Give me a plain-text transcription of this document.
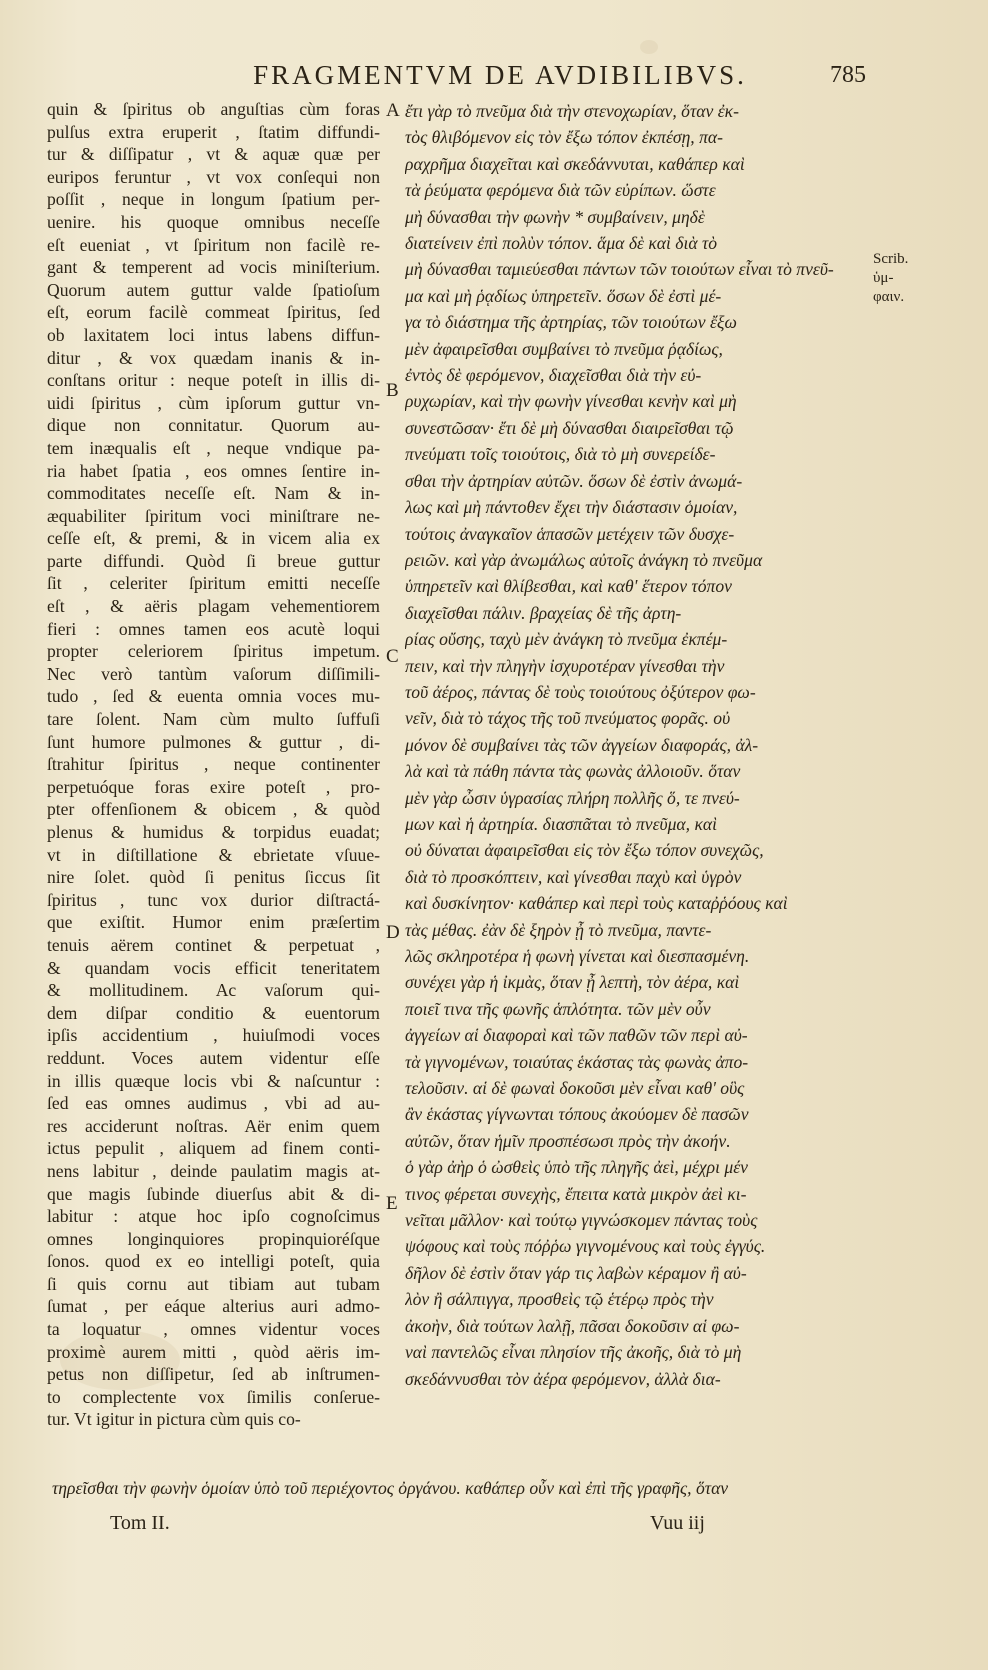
FRAGMENTVM DE AVDIBILIBVS.	785
quin & ſpiritus ob anguſtias cùm foras
pulſus extra eruperit , ſtatim diffundi-
tur & diſſipatur , vt & aquæ quæ per
euripos feruntur , vt vox conſequi non
poſſit , neque in longum ſpatium per-
uenire. his quoque omnibus neceſſe
eſt eueniat , vt ſpiritum non facilè re-
gant & temperent ad vocis miniſterium.
Quorum autem guttur valde ſpatioſum
eſt, eorum facilè commeat ſpiritus, ſed
ob laxitatem loci intus labens diffun-
ditur , & vox quædam inanis & in-
conſtans oritur : neque poteſt in illis di-
uidi ſpiritus , cùm ipſorum guttur vn-
dique non connitatur. Quorum au-
tem inæqualis eſt , neque vndique pa-
ria habet ſpatia , eos omnes ſentire in-
commoditates neceſſe eſt. Nam & in-
æquabiliter ſpiritum voci miniſtrare ne-
ceſſe eſt, & premi, & in vicem alia ex
parte diffundi. Quòd ſi breue guttur
ſit , celeriter ſpiritum emitti neceſſe
eſt , & aëris plagam vehementiorem
fieri : omnes tamen eos acutè loqui
propter celeriorem ſpiritus impetum.
Nec verò tantùm vaſorum diſſimili-
tudo , ſed & euenta omnia voces mu-
tare ſolent. Nam cùm multo ſuffuſi
ſunt humore pulmones & guttur , di-
ſtrahitur ſpiritus , neque continenter
perpetuóque foras exire poteſt , pro-
pter offenſionem & obicem , & quòd
plenus & humidus & torpidus euadat;
vt in diſtillatione & ebrietate vſuue-
nire ſolet. quòd ſi penitus ſiccus ſit
ſpiritus , tunc vox durior diſtractá-
que exiſtit. Humor enim præſertim
tenuis aërem continet & perpetuat ,
& quandam vocis efficit teneritatem
& mollitudinem. Ac vaſorum qui-
dem diſpar conditio & euentorum
ipſis accidentium , huiuſmodi voces
reddunt. Voces autem videntur eſſe
in illis quæque locis vbi & naſcuntur :
ſed eas omnes audimus , vbi ad au-
res acciderunt noſtras. Aër enim quem
ictus pepulit , aliquem ad finem conti-
nens labitur , deinde paulatim magis at-
que magis ſubinde diuerſus abit & di-
labitur : atque hoc ipſo cognoſcimus
omnes longinquiores propinquioréſque
ſonos. quod ex eo intelligi poteſt, quia
ſi quis cornu aut tibiam aut tubam
ſumat , per eáque alterius auri admo-
ta loquatur , omnes videntur voces
proximè aurem mitti , quòd aëris im-
petus non diſſipetur, ſed ab inſtrumen-
to complectente vox ſimilis conſerue-
tur. Vt igitur in pictura cùm quis co-
A
B
C
D
E
ἔτι γὰρ τὸ πνεῦμα διὰ τὴν στενοχωρίαν, ὅταν ἐκ-
τὸς θλιβόμενον εἰς τὸν ἔξω τόπον ἐκπέσῃ, πα-
ραχρῆμα διαχεῖται καὶ σκεδάννυται, καθάπερ καὶ
τὰ ῥεύματα φερόμενα διὰ τῶν εὐρίπων. ὥστε
μὴ δύνασθαι τὴν φωνὴν * συμβαίνειν, μηδὲ
διατείνειν ἐπὶ πολὺν τόπον. ἅμα δὲ καὶ διὰ τὸ
μὴ δύνασθαι ταμιεύεσθαι πάντων τῶν τοιούτων εἶναι τὸ πνεῦ-
μα καὶ μὴ ῥᾳδίως ὑπηρετεῖν. ὅσων δὲ ἐστὶ μέ-
γα τὸ διάστημα τῆς ἀρτηρίας, τῶν τοιούτων ἔξω
μὲν ἀφαιρεῖσθαι συμβαίνει τὸ πνεῦμα ῥᾳδίως,
ἐντὸς δὲ φερόμενον, διαχεῖσθαι διὰ τὴν εὐ-
ρυχωρίαν, καὶ τὴν φωνὴν γίνεσθαι κενὴν καὶ μὴ
συνεστῶσαν· ἔτι δὲ μὴ δύνασθαι διαιρεῖσθαι τῷ
πνεύματι τοῖς τοιούτοις, διὰ τὸ μὴ συνερείδε-
σθαι τὴν ἀρτηρίαν αὐτῶν. ὅσων δὲ ἐστὶν ἀνωμά-
λως καὶ μὴ πάντοθεν ἔχει τὴν διάστασιν ὁμοίαν,
τούτοις ἀναγκαῖον ἁπασῶν μετέχειν τῶν δυσχε-
ρειῶν. καὶ γὰρ ἀνωμάλως αὐτοῖς ἀνάγκη τὸ πνεῦμα
ὑπηρετεῖν καὶ θλίβεσθαι, καὶ καθ' ἕτερον τόπον
διαχεῖσθαι πάλιν. βραχείας δὲ τῆς ἀρτη-
ρίας οὔσης, ταχὺ μὲν ἀνάγκη τὸ πνεῦμα ἐκπέμ-
πειν, καὶ τὴν πληγὴν ἰσχυροτέραν γίνεσθαι τὴν
τοῦ ἀέρος, πάντας δὲ τοὺς τοιούτους ὀξύτερον φω-
νεῖν, διὰ τὸ τάχος τῆς τοῦ πνεύματος φορᾶς. οὐ
μόνον δὲ συμβαίνει τὰς τῶν ἀγγείων διαφοράς, ἀλ-
λὰ καὶ τὰ πάθη πάντα τὰς φωνὰς ἀλλοιοῦν. ὅταν
μὲν γὰρ ὦσιν ὑγρασίας πλήρη πολλῆς ὅ, τε πνεύ-
μων καὶ ἡ ἀρτηρία. διασπᾶται τὸ πνεῦμα, καὶ
οὐ δύναται ἀφαιρεῖσθαι εἰς τὸν ἔξω τόπον συνεχῶς,
διὰ τὸ προσκόπτειν, καὶ γίνεσθαι παχὺ καὶ ὑγρὸν
καὶ δυσκίνητον· καθάπερ καὶ περὶ τοὺς καταῤῥόους καὶ
τὰς μέθας. ἐὰν δὲ ξηρὸν ᾖ τὸ πνεῦμα, παντε-
λῶς σκληροτέρα ἡ φωνὴ γίνεται καὶ διεσπασμένη.
συνέχει γὰρ ἡ ἰκμὰς, ὅταν ᾖ λεπτὴ, τὸν ἀέρα, καὶ
ποιεῖ τινα τῆς φωνῆς ἁπλότητα. τῶν μὲν οὖν
ἀγγείων αἱ διαφοραὶ καὶ τῶν παθῶν τῶν περὶ αὐ-
τὰ γιγνομένων, τοιαύτας ἑκάστας τὰς φωνὰς ἀπο-
τελοῦσιν. αἱ δὲ φωναὶ δοκοῦσι μὲν εἶναι καθ' οὓς
ἂν ἑκάστας γίγνωνται τόπους ἀκούομεν δὲ πασῶν
αὐτῶν, ὅταν ἡμῖν προσπέσωσι πρὸς τὴν ἀκοήν.
ὁ γὰρ ἀὴρ ὁ ὠσθεὶς ὑπὸ τῆς πληγῆς ἀεὶ, μέχρι μέν
τινος φέρεται συνεχὴς, ἔπειτα κατὰ μικρὸν ἀεὶ κι-
νεῖται μᾶλλον· καὶ τούτῳ γιγνώσκομεν πάντας τοὺς
ψόφους καὶ τοὺς πόῤῥω γιγνομένους καὶ τοὺς ἐγγύς.
δῆλον δὲ ἐστὶν ὅταν γάρ τις λαβὼν κέραμον ἢ αὐ-
λὸν ἢ σάλπιγγα, προσθεὶς τῷ ἑτέρῳ πρὸς τὴν
ἀκοὴν, διὰ τούτων λαλῇ, πᾶσαι δοκοῦσιν αἱ φω-
ναὶ παντελῶς εἶναι πλησίον τῆς ἀκοῆς, διὰ τὸ μὴ
σκεδάννυσθαι τὸν ἀέρα φερόμενον, ἀλλὰ δια-
Scrib.
ὑμ-
φαιν.
τηρεῖσθαι τὴν φωνὴν ὁμοίαν ὑπὸ τοῦ περιέχοντος ὀργάνου. καθάπερ οὖν καὶ ἐπὶ τῆς γραφῆς, ὅταν
Tom II.	Vuu iij
